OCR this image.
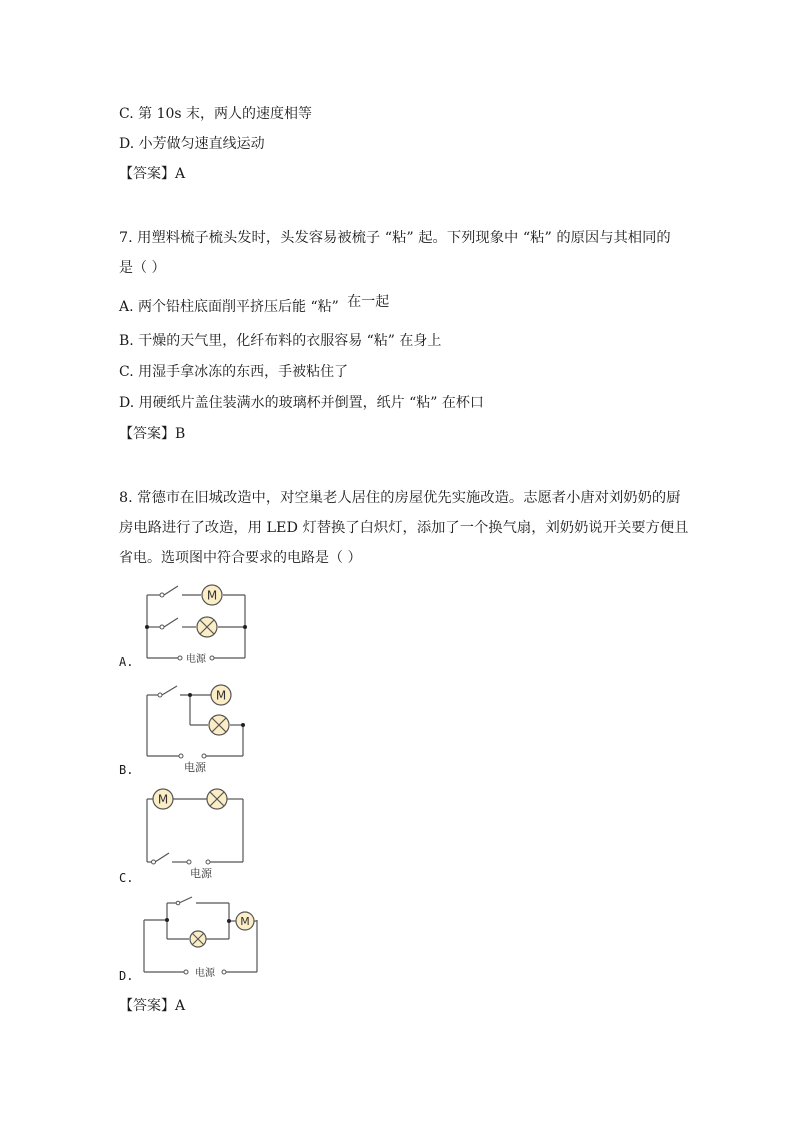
C. 第 10s 末，两人的速度相等
D. 小芳做匀速直线运动
【答案】A
7. 用塑料梳子梳头发时，头发容易被梳子 “粘” 起。下列现象中 “粘” 的原因与其相同的
是（ ）
A. 两个铅柱底面削平挤压后能 “粘” 在一起
B. 干燥的天气里，化纤布料的衣服容易 “粘” 在身上
C. 用湿手拿冰冻的东西，手被粘住了
D. 用硬纸片盖住装满水的玻璃杯并倒置，纸片 “粘” 在杯口
【答案】B
8. 常德市在旧城改造中，对空巢老人居住的房屋优先实施改造。志愿者小唐对刘奶奶的厨
房电路进行了改造，用 LED 灯替换了白炽灯，添加了一个换气扇，刘奶奶说开关要方便且
省电。选项图中符合要求的电路是（ ）
M
电源
A.
M
电源
B.
M
电源
C.
M
电源
D.
【答案】A
